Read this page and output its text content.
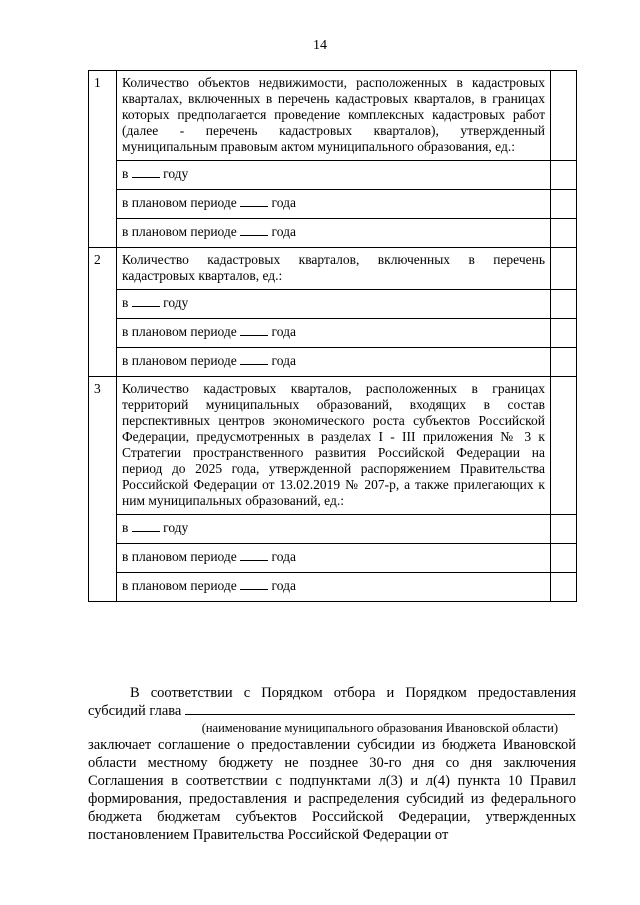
14
1	Количество объектов недвижимости, расположенных в кадастровых кварталах, включенных в перечень кадастровых кварталов, в границах которых предполагается проведение комплексных кадастровых работ (далее - перечень кадастровых кварталов), утвержденный муниципальным правовым актом муниципального образования, ед.:	
	в году	
	в плановом периоде года	
	в плановом периоде года	
2	Количество кадастровых кварталов, включенных в перечень кадастровых кварталов, ед.:	
	в году	
	в плановом периоде года	
	в плановом периоде года	
3	Количество кадастровых кварталов, расположенных в границах территорий муниципальных образований, входящих в состав перспективных центров экономического роста субъектов Российской Федерации, предусмотренных в разделах I - III приложения № 3 к Стратегии пространственного развития Российской Федерации на период до 2025 года, утвержденной распоряжением Правительства Российской Федерации от 13.02.2019 № 207-р, а также прилегающих к ним муниципальных образований, ед.:	
	в году	
	в плановом периоде года	
	в плановом периоде года	

В соответствии с Порядком отбора и Порядком предоставления субсидий глава

(наименование муниципального образования Ивановской области)

заключает соглашение о предоставлении субсидии из бюджета Ивановской области местному бюджету не позднее 30-го дня со дня заключения Соглашения в соответствии с подпунктами л(3) и л(4) пункта 10 Правил формирования, предоставления и распределения субсидий из федерального бюджета бюджетам субъектов Российской Федерации, утвержденных постановлением Правительства Российской Федерации от
